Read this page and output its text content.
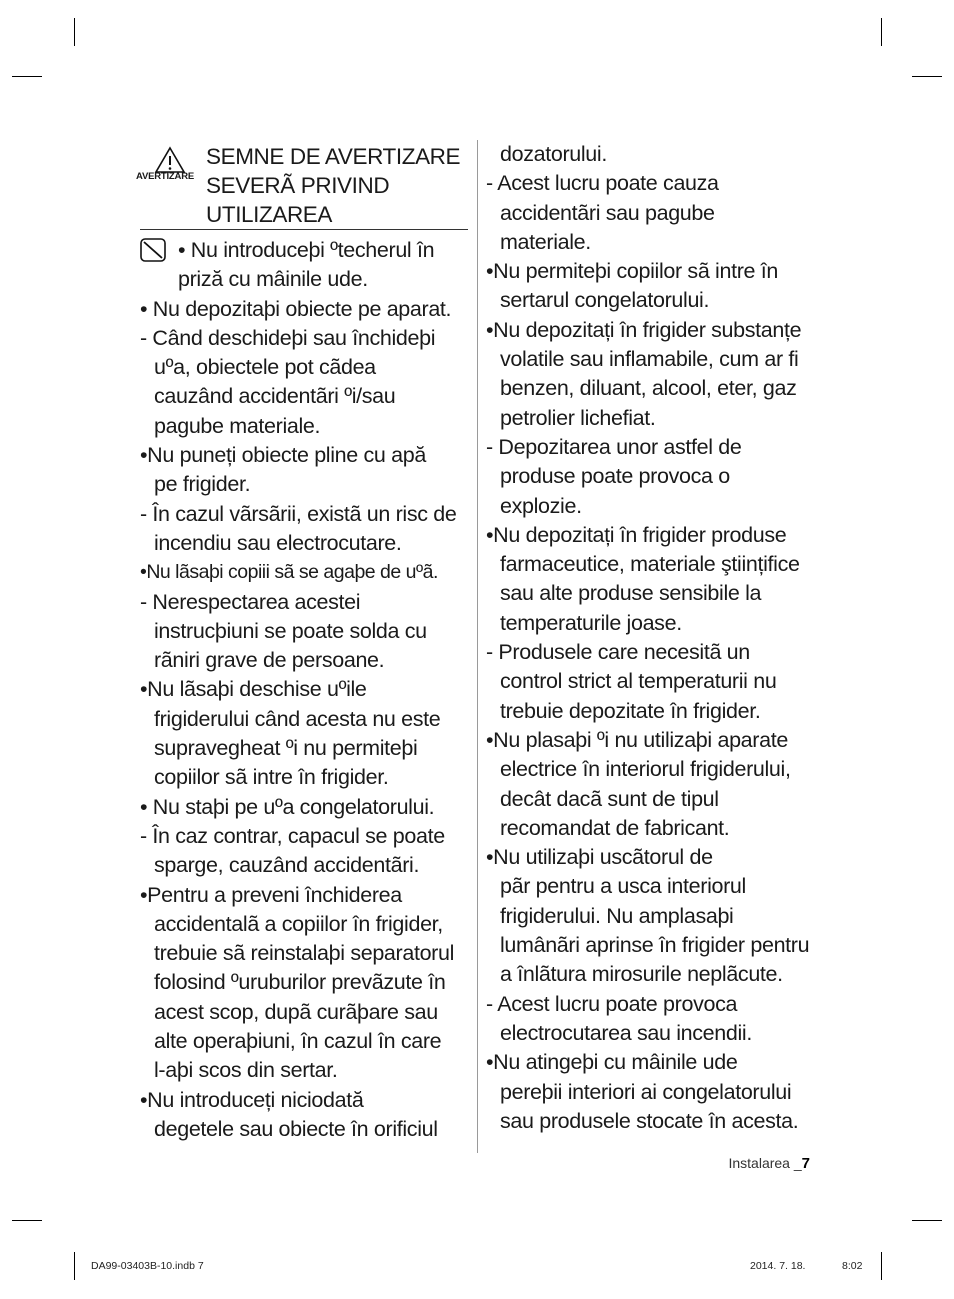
AVERTIZARE
SEMNE DE AVERTIZARE
SEVERÃ PRIVIND
UTILIZAREA
• Nu introduceþi ºtecherul în
priză cu mâinile ude.
• Nu depozitaþi obiecte pe aparat.
- Când deschideþi sau închideþi
uºa, obiectele pot cãdea
cauzând accidentãri ºi/sau
pagube materiale.
•Nu puneți obiecte pline cu apă
pe frigider.
- În cazul vãrsãrii, existã un risc de
incendiu sau electrocutare.
•Nu lãsaþi copiii sã se agaþe de uºã.
- Nerespectarea acestei
instrucþiuni se poate solda cu
rãniri grave de persoane.
•Nu lãsaþi deschise uºile
frigiderului când acesta nu este
supravegheat ºi nu permiteþi
copiilor sã intre în frigider.
• Nu staþi pe uºa congelatorului.
- În caz contrar, capacul se poate
sparge, cauzând accidentãri.
•Pentru a preveni închiderea
accidentalã a copiilor în frigider,
trebuie sã reinstalaþi separatorul
folosind ºuruburilor prevãzute în
acest scop, dupã curãþare sau
alte operaþiuni, în cazul în care
l-aþi scos din sertar.
•Nu introduceți niciodată
degetele sau obiecte în orificiul
dozatorului.
- Acest lucru poate cauza
accidentãri sau pagube
materiale.
•Nu permiteþi copiilor sã intre în
sertarul congelatorului.
•Nu depozitați în frigider substanțe
volatile sau inflamabile, cum ar fi
benzen, diluant, alcool, eter, gaz
petrolier lichefiat.
- Depozitarea unor astfel de
produse poate provoca o
explozie.
•Nu depozitați în frigider produse
farmaceutice, materiale ştiințifice
sau alte produse sensibile la
temperaturile joase.
- Produsele care necesitã un
control strict al temperaturii nu
trebuie depozitate în frigider.
•Nu plasaþi ºi nu utilizaþi aparate
electrice în interiorul frigiderului,
decât dacã sunt de tipul
recomandat de fabricant.
•Nu utilizaþi uscãtorul de
pãr pentru a usca interiorul
frigiderului. Nu amplasaþi
lumânãri aprinse în frigider pentru
a înlãtura mirosurile neplãcute.
- Acest lucru poate provoca
electrocutarea sau incendii.
•Nu atingeþi cu mâinile ude
pereþii interiori ai congelatorului
sau produsele stocate în acesta.
Instalarea _7
DA99-03403B-10.indb 7	2014. 7. 18.	8:02
